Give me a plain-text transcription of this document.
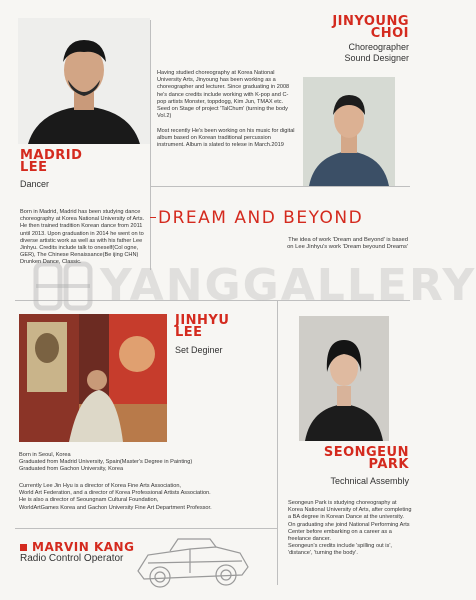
YANGGALLERY
MADRID
LEE
Dancer
Born in Madrid, Madrid has been studying dance choreography at Korea National University of Arts. He then trained tradition Korean dance from 2011 until 2013. Upon graduation in 2014 he went on to diverse artistic work as well as with his father Lee Jinhyu. Credits include talk to oneself(Col ogne, GER), The Chinese Renaissance(Be ijing CHN) Drunken Dance, Classic.
JINYOUNG
CHOI
Choreographer
Sound Designer
Having studied choreography at Korea National University Arts, Jinyoung has been working as a choreographer and lecturer. Since graduating in 2008 he's dance credits include working with K-pop and C-pop artists Monster, toppdogg, Kim Jun, TMAX etc. Seed on Stage of project 'TalChum' (turning the body Vol.2)
Most recently He's been working on his music for digital album based on Korean traditional percussion instrument. Album is slated to relese in March.2019
DREAM AND BEYOND
The idea of work 'Dream and Beyond' is based
on Lee Jinhyu's work 'Dream beyound Dreams'
JINHYU
LEE
Set Deginer
Born in Seoul, Korea
Graduated from Madrid University, Spain(Master's Degree in Painting)
Graduated from Gachon University, Korea
Currently Lee Jin Hyu is a director of Korea Fine Arts Association,
World Art Federation, and a director of Korea Professional Artists Association.
He is also a director of Seoungnam Cultural Foundation,
WorldArtGames Korea and Gachon University Fine Art Department Professor.
SEONGEUN
PARK
Technical Assembly
Seongeun Park is studying choreography at Korea National University of Arts, after completing a BA degree in Korean Dance at the university.
On graduating she joind National Performing Arts Center before embarking on a career as a freelance dancer.
Seongeun's credits include 'spilling out is', 'distance', 'turning the body'.
MARVIN KANG
Radio Control Operator
